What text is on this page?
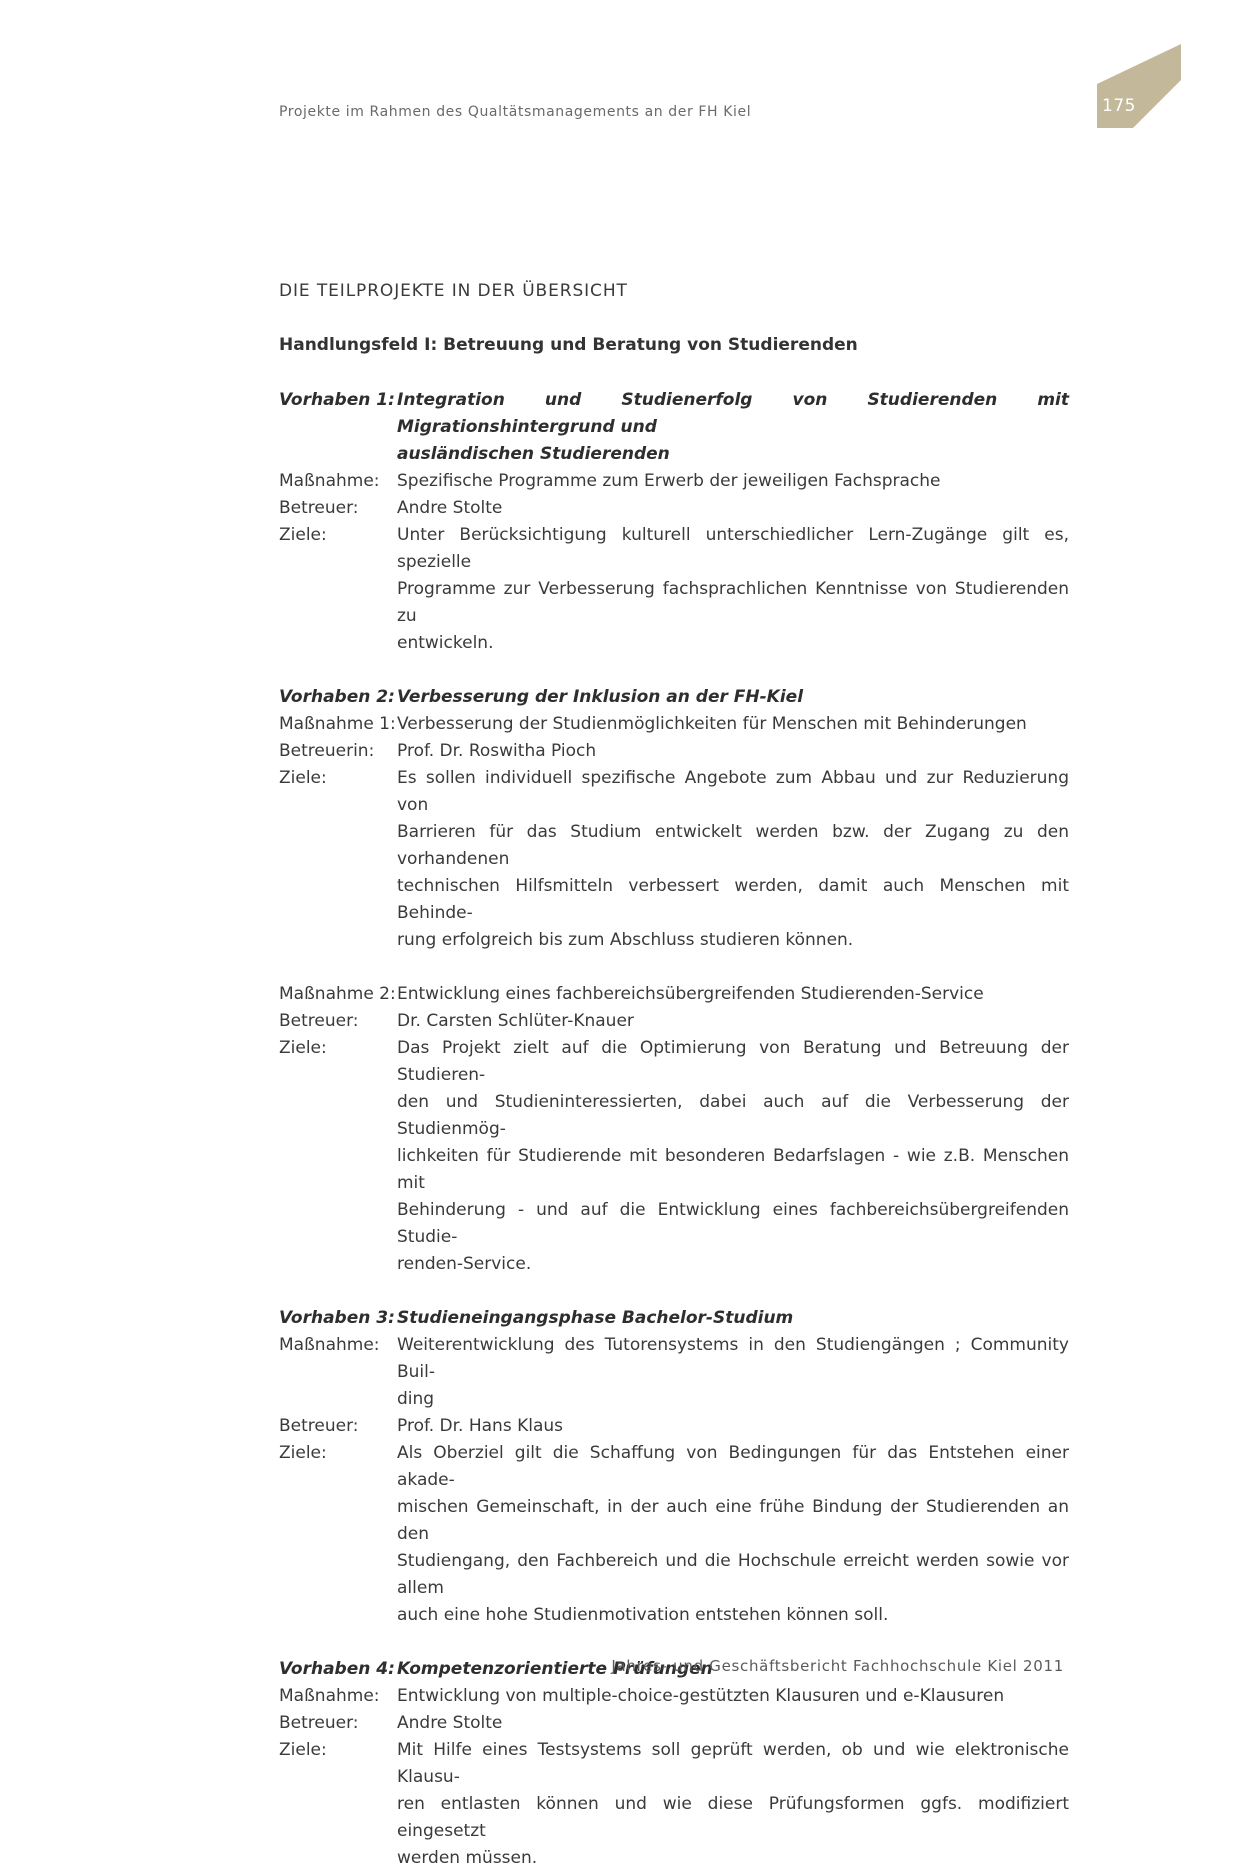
Projekte im Rahmen des Qualtätsmanagements an der FH Kiel	175
DIE TEILPROJEKTE IN DER ÜBERSICHT
Handlungsfeld I: Betreuung und Beratung von Studierenden
Vorhaben 1: Integration und Studienerfolg von Studierenden mit Migrationshintergrund und
ausländischen Studierenden
Maßnahme:	Spezifische Programme zum Erwerb der jeweiligen Fachsprache
Betreuer:	Andre Stolte
Ziele:	Unter Berücksichtigung kulturell unterschiedlicher Lern-Zugänge gilt es, spezielle
Programme zur Verbesserung fachsprachlichen Kenntnisse von Studierenden zu
entwickeln.
Vorhaben 2: Verbesserung der Inklusion an der FH-Kiel
Maßnahme 1: Verbesserung der Studienmöglichkeiten für Menschen mit Behinderungen
Betreuerin:	Prof. Dr. Roswitha Pioch
Ziele:	Es sollen individuell spezifische Angebote zum Abbau und zur Reduzierung von
Barrieren für das Studium entwickelt werden bzw. der Zugang zu den vorhandenen
technischen Hilfsmitteln verbessert werden, damit auch Menschen mit Behinde-
rung erfolgreich bis zum Abschluss studieren können.
Maßnahme 2: Entwicklung eines fachbereichsübergreifenden Studierenden-Service
Betreuer:	Dr. Carsten Schlüter-Knauer
Ziele:	Das Projekt zielt auf die Optimierung von Beratung und Betreuung der Studieren-
den und Studieninteressierten, dabei auch auf die Verbesserung der Studienmög-
lichkeiten für Studierende mit besonderen Bedarfslagen - wie z.B. Menschen mit
Behinderung - und auf die Entwicklung eines fachbereichsübergreifenden Studie-
renden-Service.
Vorhaben 3: Studieneingangsphase Bachelor-Studium
Maßnahme:	Weiterentwicklung des Tutorensystems in den Studiengängen ; Community Buil-
ding
Betreuer:	Prof. Dr. Hans Klaus
Ziele:	Als Oberziel gilt die Schaffung von Bedingungen für das Entstehen einer akade-
mischen Gemeinschaft, in der auch eine frühe Bindung der Studierenden an den
Studiengang, den Fachbereich und die Hochschule erreicht werden sowie vor allem
auch eine hohe Studienmotivation entstehen können soll.
Vorhaben 4: Kompetenzorientierte Prüfungen
Maßnahme:	Entwicklung von multiple-choice-gestützten Klausuren und e-Klausuren
Betreuer:	Andre Stolte
Ziele:	Mit Hilfe eines Testsystems soll geprüft werden, ob und wie elektronische Klausu-
ren entlasten können und wie diese Prüfungsformen ggfs. modifiziert eingesetzt
werden müssen.
Jahres- und Geschäftsbericht Fachhochschule Kiel 2011
